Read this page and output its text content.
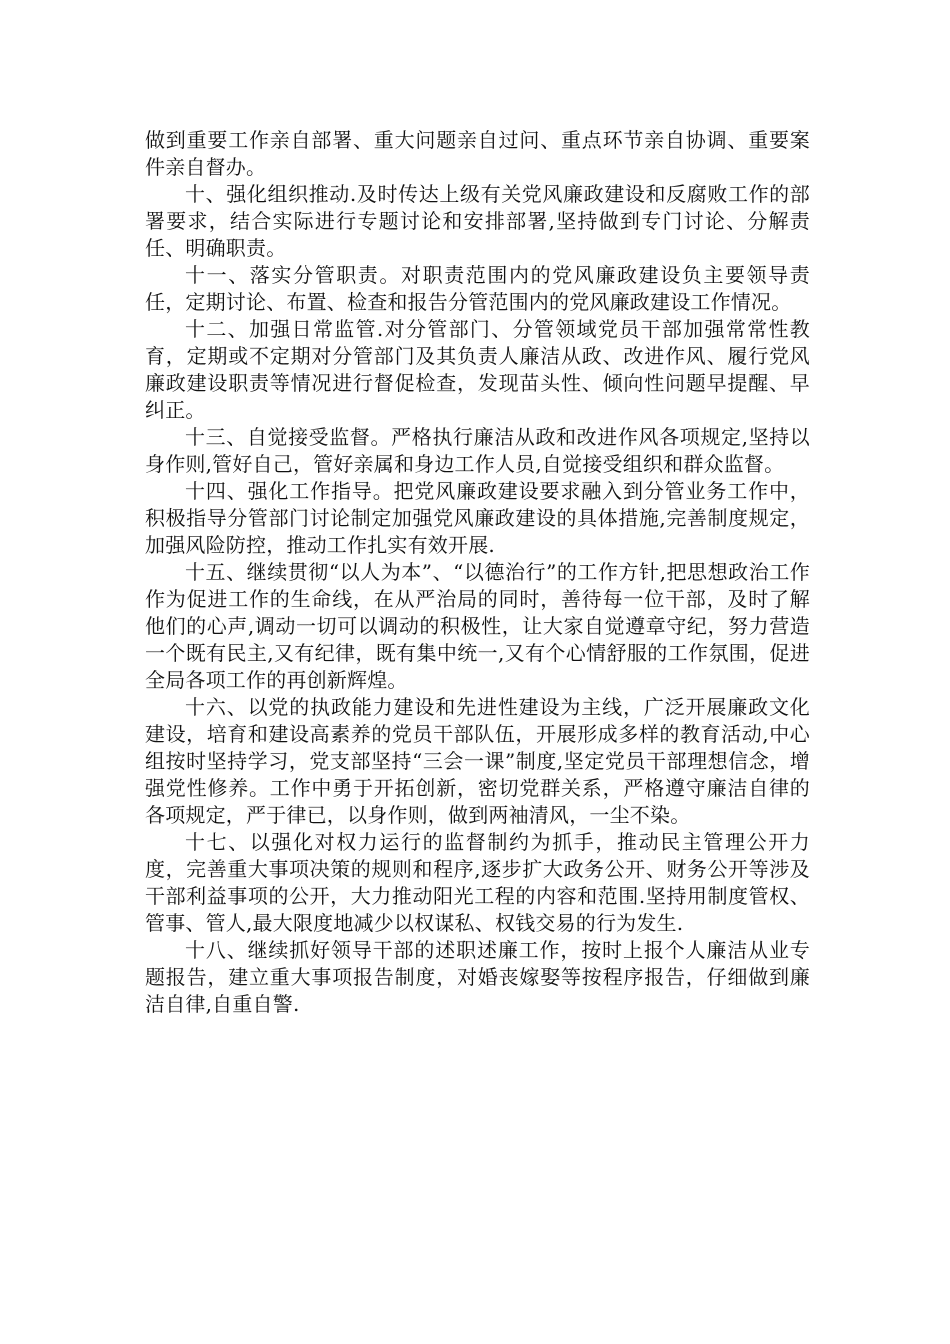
做到重要工作亲自部署、重大问题亲自过问、重点环节亲自协调、重要案件亲自督办。

十、强化组织推动.及时传达上级有关党风廉政建设和反腐败工作的部署要求，结合实际进行专题讨论和安排部署,坚持做到专门讨论、分解责任、明确职责。

十一、落实分管职责。对职责范围内的党风廉政建设负主要领导责任，定期讨论、布置、检查和报告分管范围内的党风廉政建设工作情况。

十二、加强日常监管.对分管部门、分管领域党员干部加强常常性教育，定期或不定期对分管部门及其负责人廉洁从政、改进作风、履行党风廉政建设职责等情况进行督促检查，发现苗头性、倾向性问题早提醒、早纠正。

十三、自觉接受监督。严格执行廉洁从政和改进作风各项规定,坚持以身作则,管好自己，管好亲属和身边工作人员,自觉接受组织和群众监督。

十四、强化工作指导。把党风廉政建设要求融入到分管业务工作中，积极指导分管部门讨论制定加强党风廉政建设的具体措施,完善制度规定，加强风险防控，推动工作扎实有效开展.

十五、继续贯彻“以人为本”、“以德治行”的工作方针,把思想政治工作作为促进工作的生命线，在从严治局的同时，善待每一位干部，及时了解他们的心声,调动一切可以调动的积极性，让大家自觉遵章守纪，努力营造一个既有民主,又有纪律，既有集中统一,又有个心情舒服的工作氛围，促进全局各项工作的再创新辉煌。

十六、以党的执政能力建设和先进性建设为主线，广泛开展廉政文化建设，培育和建设高素养的党员干部队伍，开展形成多样的教育活动,中心组按时坚持学习，党支部坚持“三会一课”制度,坚定党员干部理想信念，增强党性修养。工作中勇于开拓创新，密切党群关系，严格遵守廉洁自律的各项规定，严于律已，以身作则，做到两袖清风，一尘不染。

十七、以强化对权力运行的监督制约为抓手，推动民主管理公开力度，完善重大事项决策的规则和程序,逐步扩大政务公开、财务公开等涉及干部利益事项的公开，大力推动阳光工程的内容和范围.坚持用制度管权、管事、管人,最大限度地减少以权谋私、权钱交易的行为发生.

十八、继续抓好领导干部的述职述廉工作，按时上报个人廉洁从业专题报告，建立重大事项报告制度，对婚丧嫁娶等按程序报告，仔细做到廉洁自律,自重自警.
